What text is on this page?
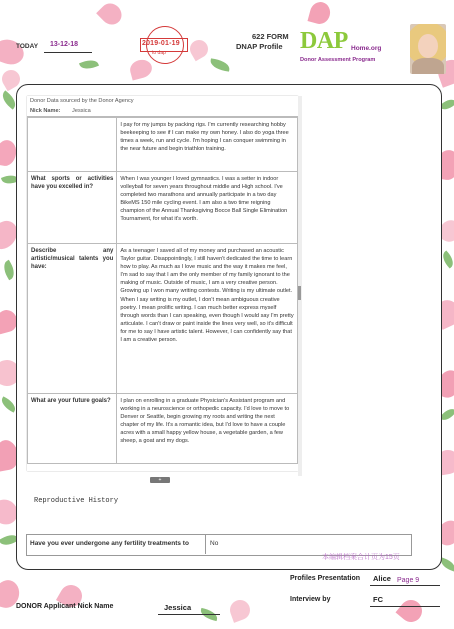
TODAY 13-12-18	2019-01-19
to dap
622 FORM
DNAP Profile DAP Home.org
Donor Assessment Program
Donor Data sourced by the Donor Agency
Nick Name: Jessica
	I pay for my jumps by packing rigs. I'm currently researching hobby beekeeping to see if I can make my own honey. I also do yoga three times a week, run and cycle. I'm hoping I can conquer swimming in the near future and begin triathlon training.
What sports or activities have you excelled in?	When I was younger I loved gymnastics. I was a setter in indoor volleyball for seven years throughout middle and High school. I've completed two marathons and annually participate in a two day BikeMS 150 mile cycling event. I am also a two time reigning champion of the Annual Thanksgiving Bocce Ball Single Elimination Tournament, for what it's worth.
Describe any artistic/musical talents you have:	As a teenager I saved all of my money and purchased an acoustic Taylor guitar. Disappointingly, I still haven't dedicated the time to learn how to play. As much as I love music and the way it makes me feel, I'm sad to say that I am the only member of my family ignorant to the making of music. Outside of music, I am a very creative person. Growing up I won many writing contests. Writing is my ultimate outlet. When I say writing is my outlet, I don't mean ambiguous creative poetry. I mean prolific writing. I can much better express myself through words than I can speaking, even though I would say I'm pretty articulate. I can't draw or paint inside the lines very well, so it's difficult for me to say I have artistic talent. However, I can confidently say that I am a creative person.
What are your future goals?	I plan on enrolling in a graduate Physician's Assistant program and working in a neuroscience or orthopedic capacity. I'd love to move to Denver or Seattle, begin growing my roots and writing the next chapter of my life. It's a romantic idea, but I'd love to have a couple acres with a small happy yellow house, a vegetable garden, a few sheep, a goat and my dogs.
+
Reproductive History
Have you ever undergone any fertility treatments to	No
本编辑档案合计页为15页
Profiles Presentation Alice Page 9
Interview by	FC
DONOR Applicant Nick Name	Jessica
